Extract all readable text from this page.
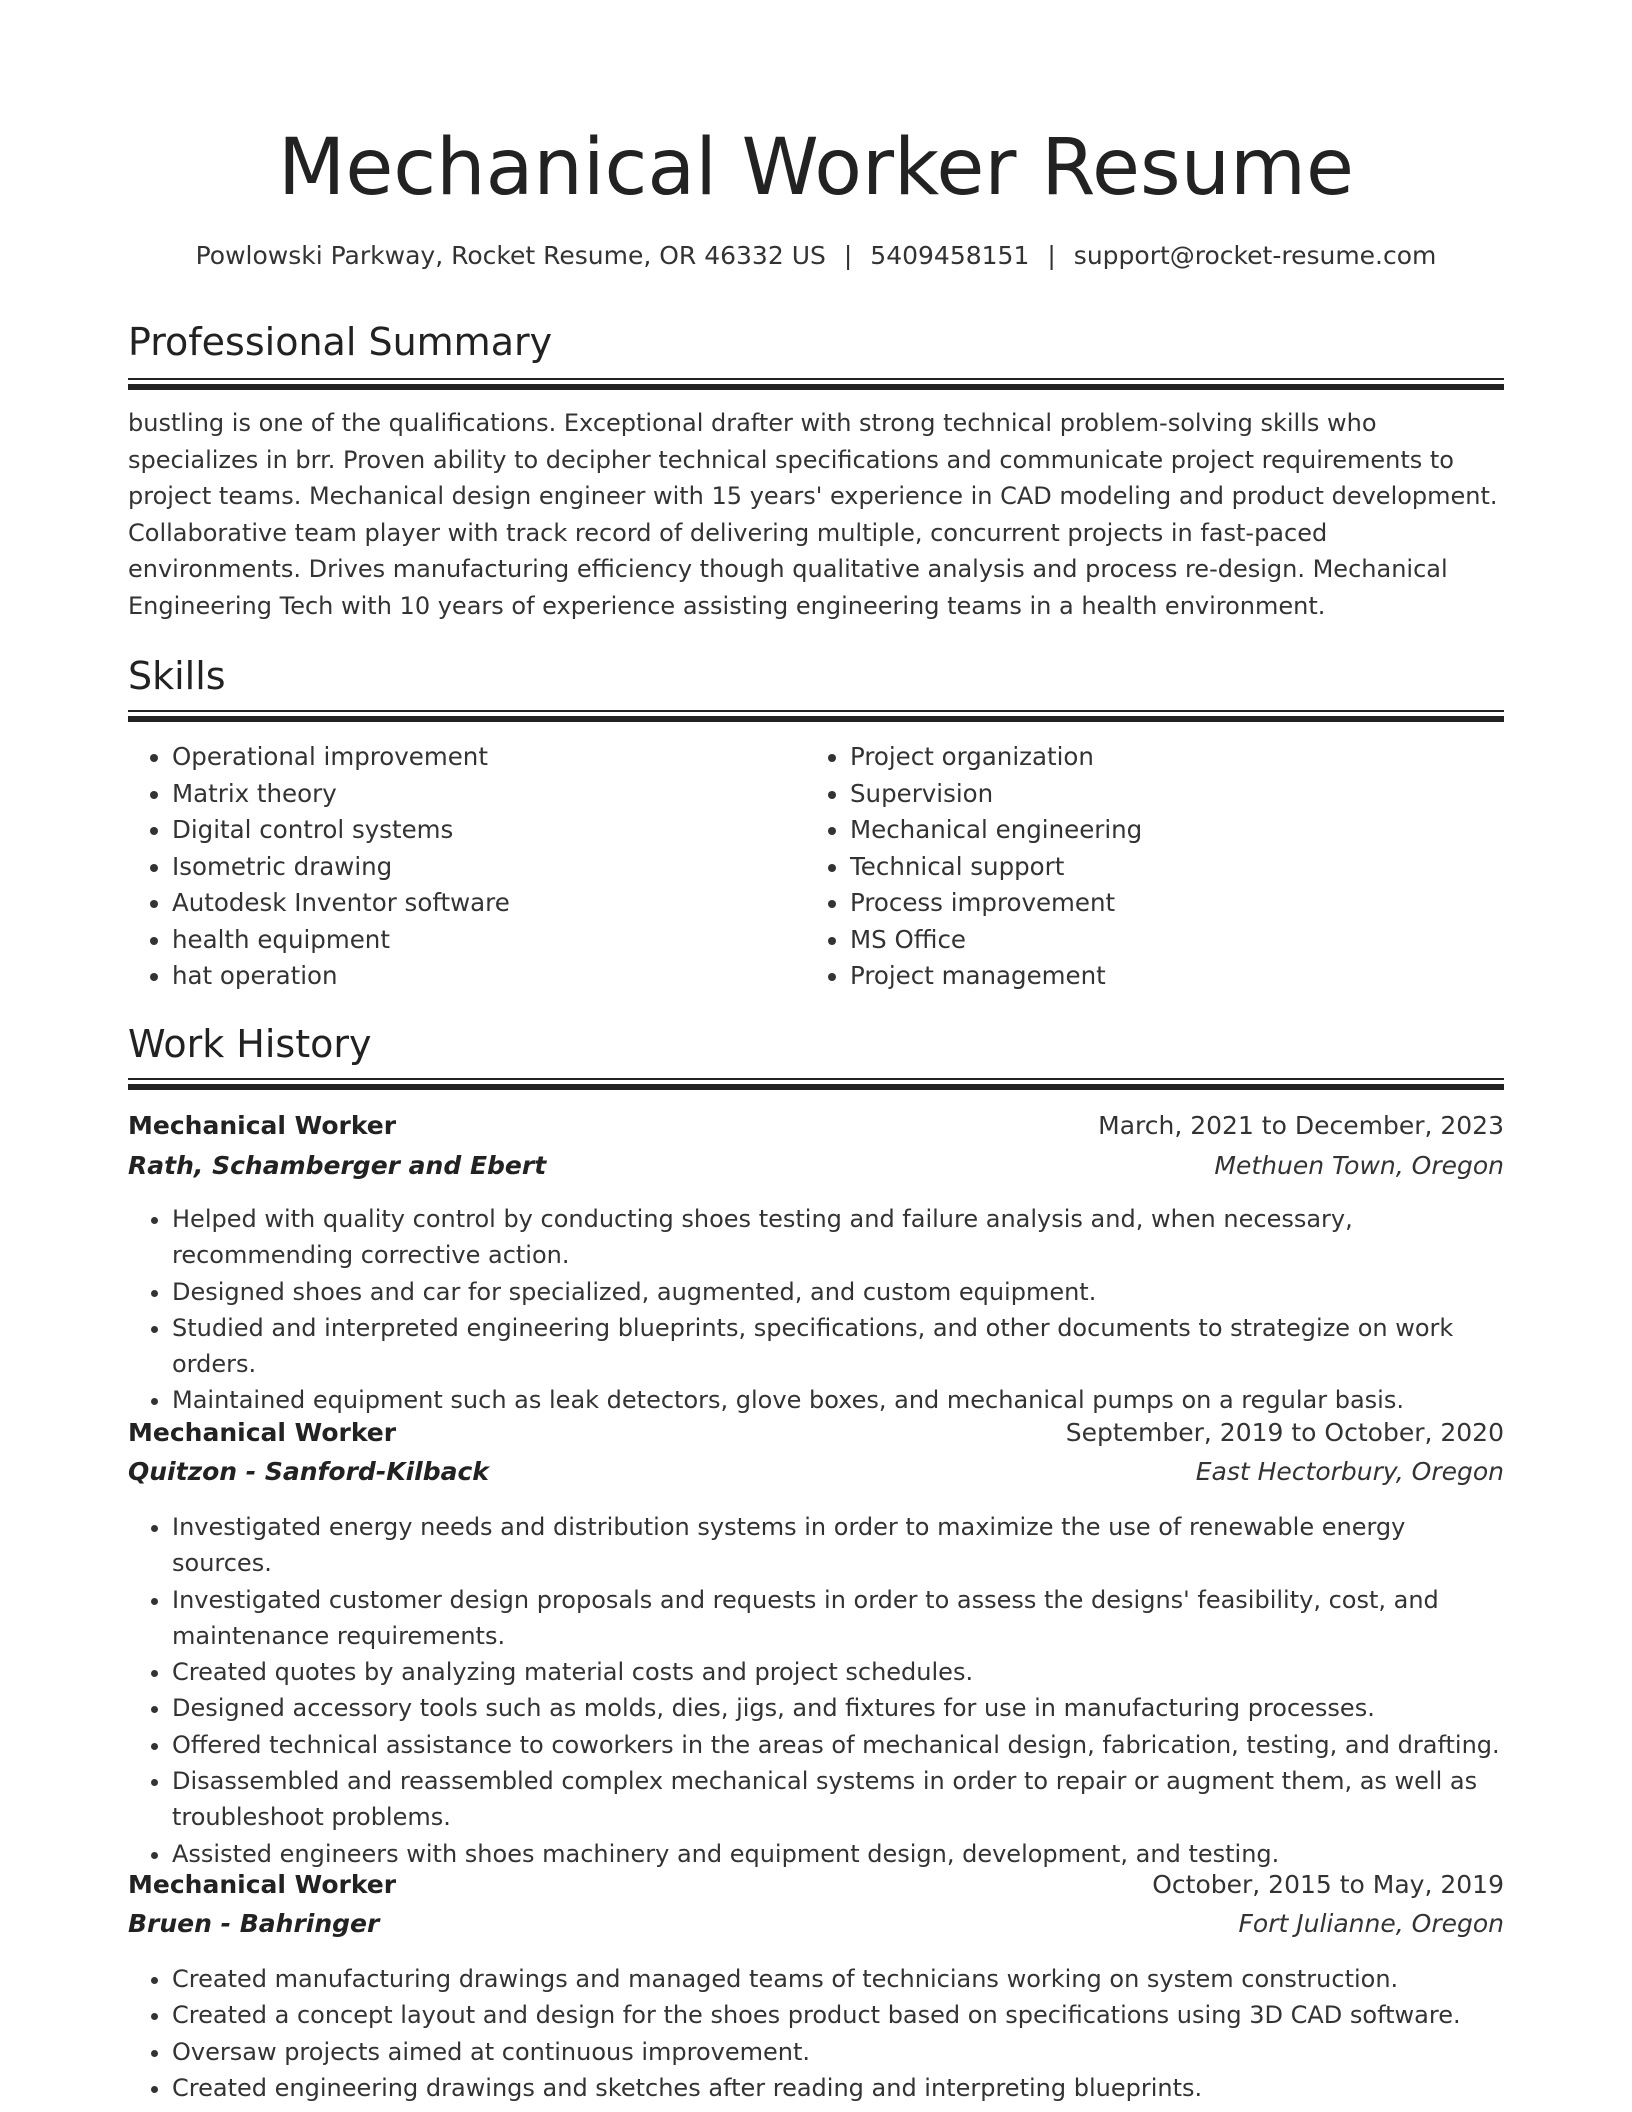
Mechanical Worker Resume
Powlowski Parkway, Rocket Resume, OR 46332 US | 5409458151 | support@rocket-resume.com
Professional Summary

bustling is one of the qualifications. Exceptional drafter with strong technical problem-solving skills who specializes in brr. Proven ability to decipher technical specifications and communicate project requirements to project teams. Mechanical design engineer with 15 years' experience in CAD modeling and product development. Collaborative team player with track record of delivering multiple, concurrent projects in fast-paced environments. Drives manufacturing efficiency though qualitative analysis and process re-design. Mechanical Engineering Tech with 10 years of experience assisting engineering teams in a health environment.

Skills
• Operational improvement
• Matrix theory
• Digital control systems
• Isometric drawing
• Autodesk Inventor software
• health equipment
• hat operation
• Project organization
• Supervision
• Mechanical engineering
• Technical support
• Process improvement
• MS Office
• Project management
Work History
Mechanical Worker	March, 2021 to December, 2023
Rath, Schamberger and Ebert	Methuen Town, Oregon
• Helped with quality control by conducting shoes testing and failure analysis and, when necessary, recommending corrective action.
• Designed shoes and car for specialized, augmented, and custom equipment.
• Studied and interpreted engineering blueprints, specifications, and other documents to strategize on work orders.
• Maintained equipment such as leak detectors, glove boxes, and mechanical pumps on a regular basis.
Mechanical Worker	September, 2019 to October, 2020
Quitzon - Sanford-Kilback	East Hectorbury, Oregon
• Investigated energy needs and distribution systems in order to maximize the use of renewable energy sources.
• Investigated customer design proposals and requests in order to assess the designs' feasibility, cost, and maintenance requirements.
• Created quotes by analyzing material costs and project schedules.
• Designed accessory tools such as molds, dies, jigs, and fixtures for use in manufacturing processes.
• Offered technical assistance to coworkers in the areas of mechanical design, fabrication, testing, and drafting.
• Disassembled and reassembled complex mechanical systems in order to repair or augment them, as well as troubleshoot problems.
• Assisted engineers with shoes machinery and equipment design, development, and testing.
Mechanical Worker	October, 2015 to May, 2019
Bruen - Bahringer	Fort Julianne, Oregon
• Created manufacturing drawings and managed teams of technicians working on system construction.
• Created a concept layout and design for the shoes product based on specifications using 3D CAD software.
• Oversaw projects aimed at continuous improvement.
• Created engineering drawings and sketches after reading and interpreting blueprints.
